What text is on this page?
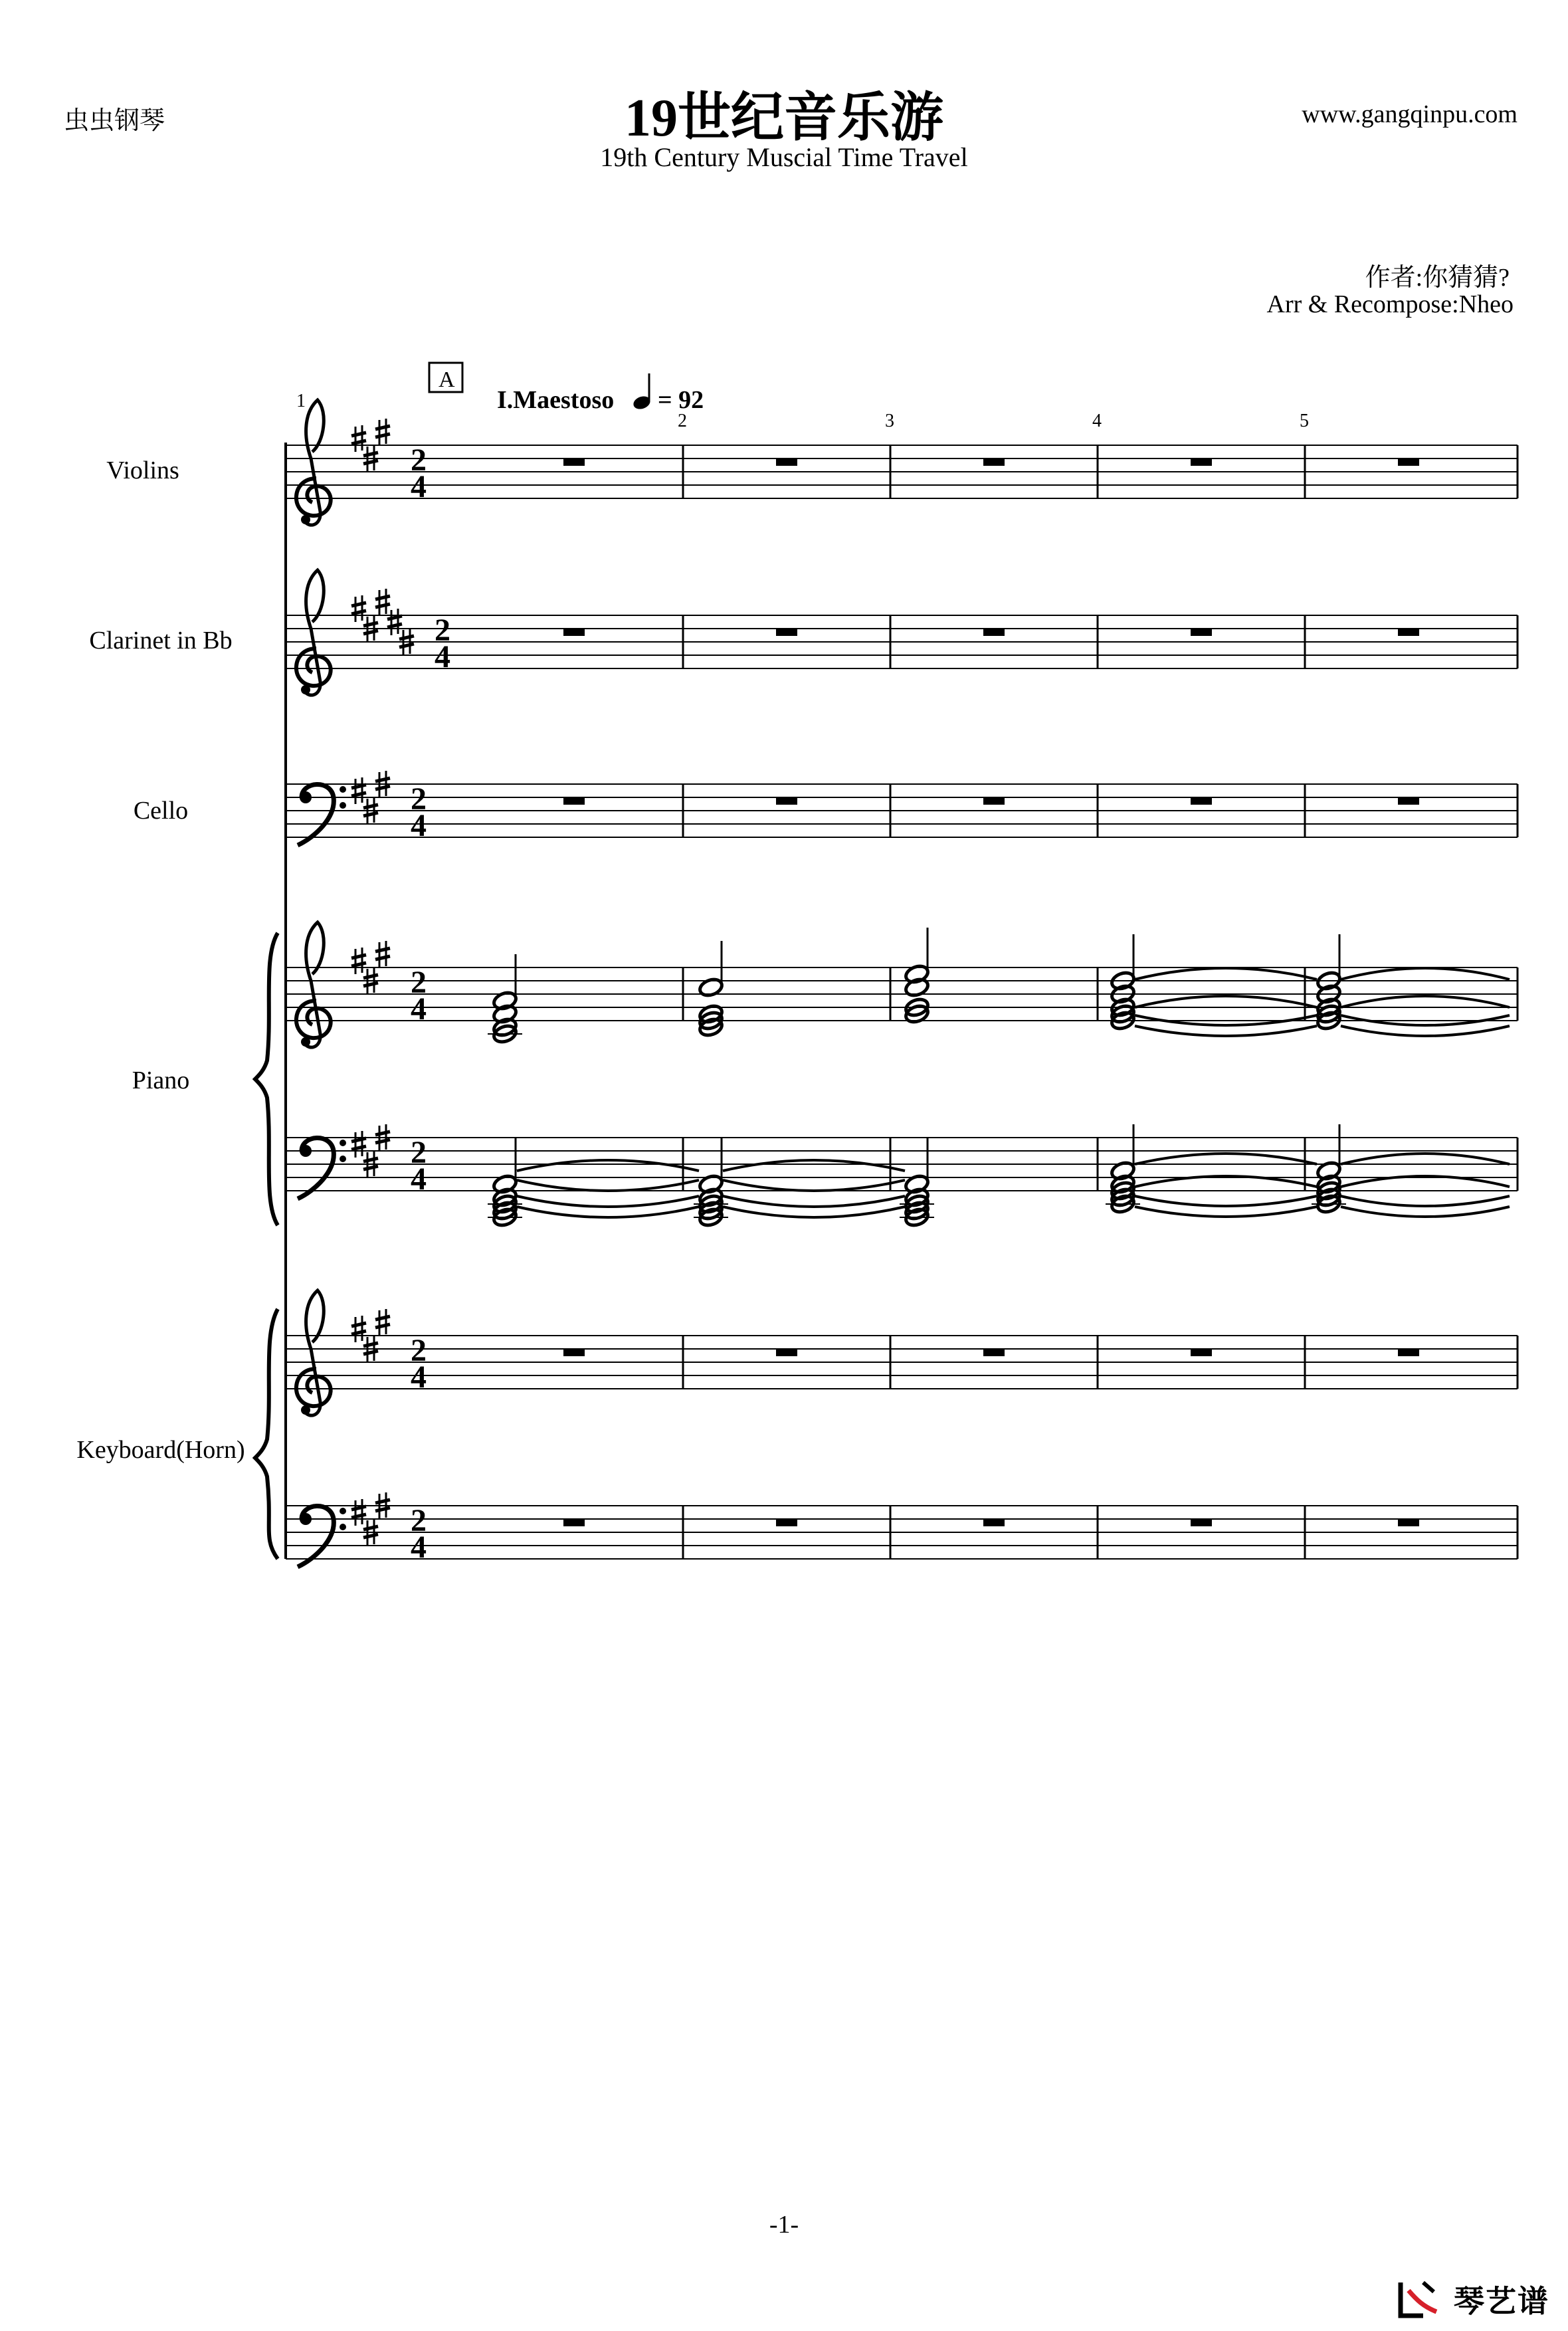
虫虫钢琴	19世纪音乐游
19th Century Muscial Time Travel
www.gangqinpu.com
作者:你猜猜?
Arr & Recompose:Nheo
Violins
Clarinet in Bb
Cello
Piano
Keyboard(Horn)
I.Maestoso = 92
A
1
2	3	4	5
2
4
2
4
2
4
2
4
2
4
2
4
2
4
-1-
琴艺谱
